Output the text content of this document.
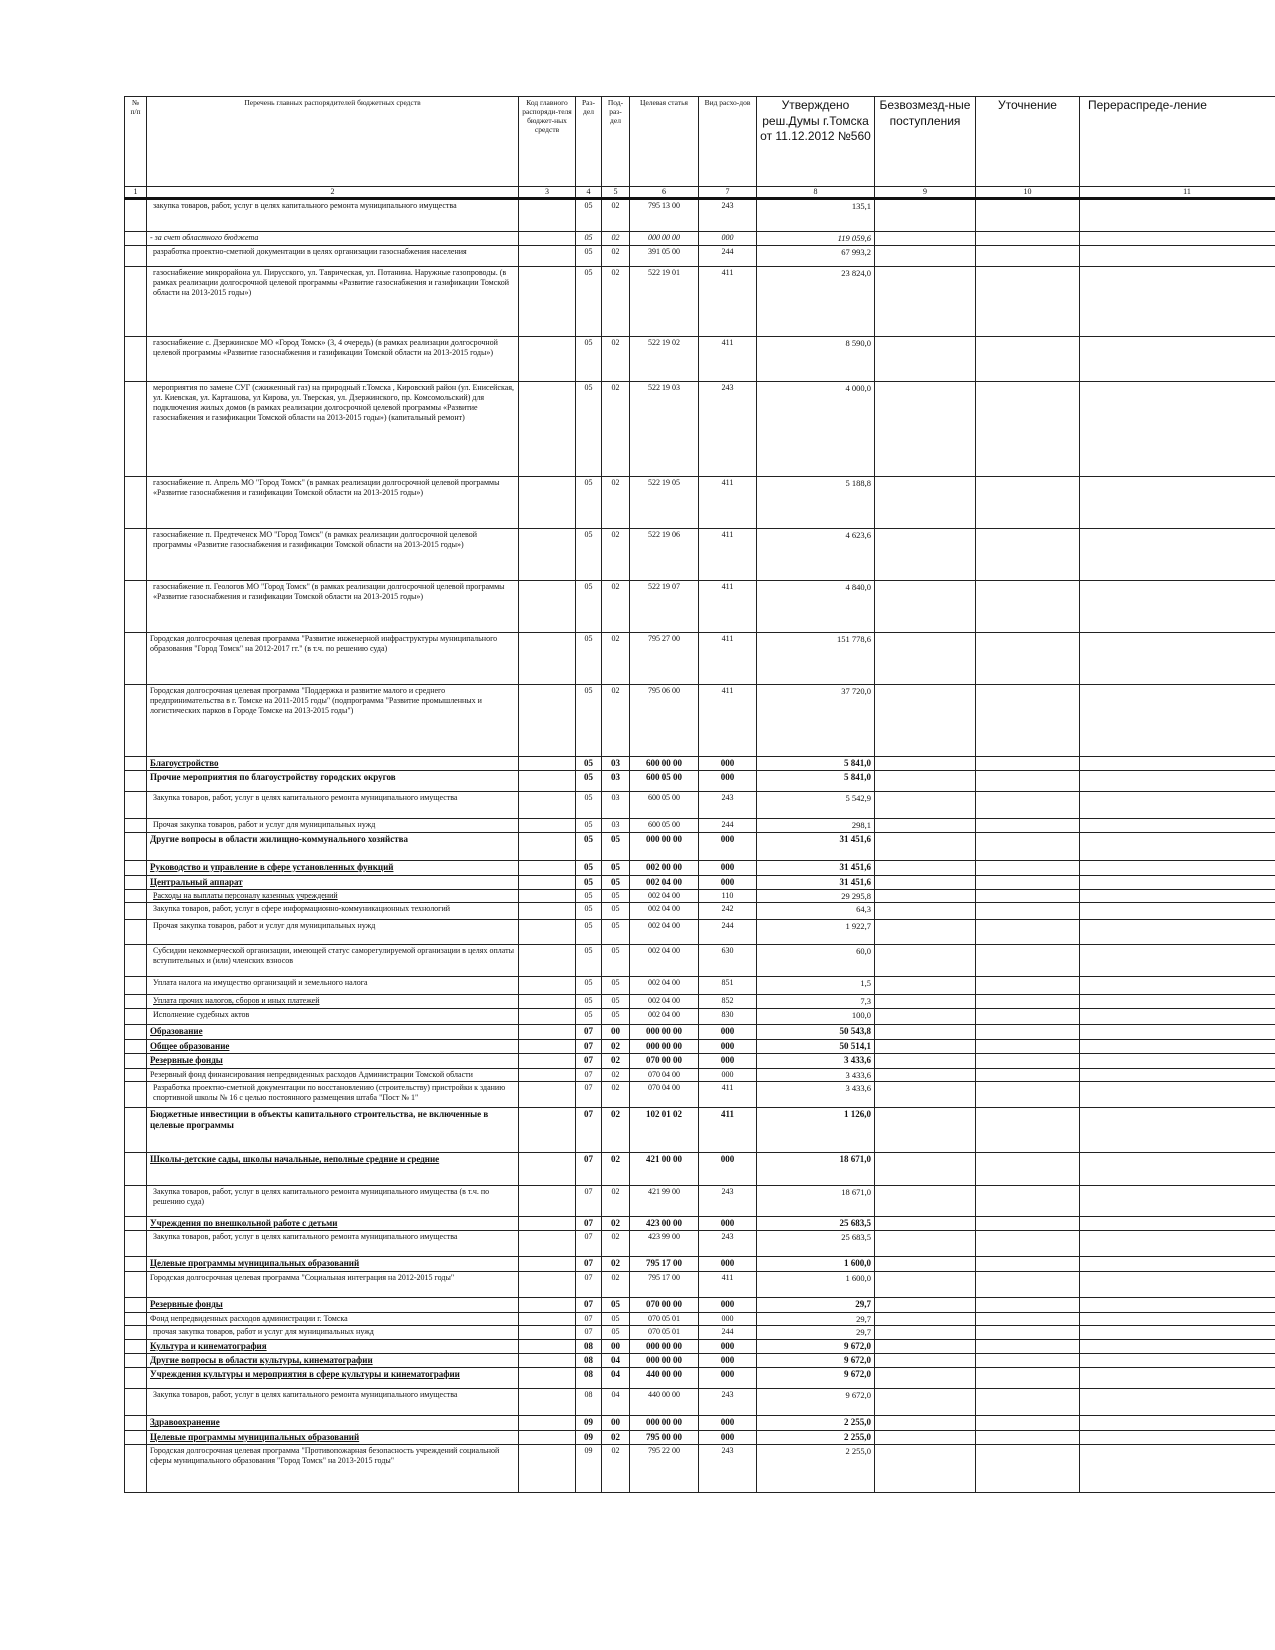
№ п/п	Перечень главных распорядителей бюджетных средств	Код главного распоряди-теля бюджет-ных средств	Раз-дел	Под-раз-дел	Целевая статья	Вид расхо-дов	Утверждено реш.Думы г.Томска от 11.12.2012 №560	Безвозмезд-ные поступления	Уточнение	Перераспреде-ление
1	2	3	4	5	6	7	8	9	10	11
	закупка товаров, работ, услуг в целях капитального ремонта муниципального имущества		05	02	795 13 00	243	135,1			
	- за счет областного бюджета		05	02	000 00 00	000	119 059,6			
	разработка проектно-сметной документации в целях организации газоснабжения населения		05	02	391 05 00	244	67 993,2			
	газоснабжение микрорайона ул. Пирусского, ул. Таврическая, ул. Потанина. Наружные газопроводы. (в рамках реализации долгосрочной целевой программы «Развитие газоснабжения и газификации Томской области на 2013-2015 годы»)		05	02	522 19 01	411	23 824,0			
	газоснабжение с. Дзержинское МО «Город Томск» (3, 4 очередь) (в рамках реализации долгосрочной целевой программы «Развитие газоснабжения и газификации Томской области на 2013-2015 годы»)		05	02	522 19 02	411	8 590,0			
	мероприятия по замене СУГ (сжиженный газ) на природный г.Томска , Кировский район (ул. Енисейская, ул. Киевская, ул. Карташова, ул Кирова, ул. Тверская, ул. Дзержинского, пр. Комсомольский) для подключения жилых домов (в рамках реализации долгосрочной целевой программы «Развитие газоснабжения и газификации Томской области на 2013-2015 годы») (капитальный ремонт)		05	02	522 19 03	243	4 000,0			
	газоснабжение п. Апрель МО "Город Томск" (в рамках реализации долгосрочной целевой программы «Развитие газоснабжения и газификации Томской области на 2013-2015 годы»)		05	02	522 19 05	411	5 188,8			
	газоснабжение п. Предтеченск МО "Город Томск" (в рамках реализации долгосрочной целевой программы «Развитие газоснабжения и газификации Томской области на 2013-2015 годы»)		05	02	522 19 06	411	4 623,6			
	газоснабжение п. Геологов МО "Город Томск" (в рамках реализации долгосрочной целевой программы «Развитие газоснабжения и газификации Томской области на 2013-2015 годы»)		05	02	522 19 07	411	4 840,0			
	Городская долгосрочная целевая программа "Развитие инженерной инфраструктуры муниципального образования "Город Томск" на 2012-2017 гг." (в т.ч. по решению суда)		05	02	795 27 00	411	151 778,6			
	Городская долгосрочная целевая программа "Поддержка и развитие малого и среднего предпринимательства в г. Томске на 2011-2015 годы" (подпрограмма "Развитие промышленных и логистических парков в Городе Томске на 2013-2015 годы")		05	02	795 06 00	411	37 720,0			
	Благоустройство		05	03	600 00 00	000	5 841,0			
	Прочие мероприятия по благоустройству городских округов		05	03	600 05 00	000	5 841,0			
	Закупка товаров, работ, услуг в целях капитального ремонта муниципального имущества		05	03	600 05 00	243	5 542,9			
	Прочая закупка товаров, работ и услуг для муниципальных нужд		05	03	600 05 00	244	298,1			
	Другие вопросы в области жилищно-коммунального хозяйства		05	05	000 00 00	000	31 451,6			
	Руководство и управление в сфере установленных функций		05	05	002 00 00	000	31 451,6			
	Центральный аппарат		05	05	002 04 00	000	31 451,6			
	Расходы на выплаты персоналу казенных учреждений		05	05	002 04 00	110	29 295,8			
	Закупка товаров, работ, услуг в сфере информационно-коммуникационных технологий		05	05	002 04 00	242	64,3			
	Прочая закупка товаров, работ и услуг для муниципальных нужд		05	05	002 04 00	244	1 922,7			
	Субсидии некоммерческой организации, имеющей статус саморегулируемой организации в целях оплаты вступительных и (или) членских взносов		05	05	002 04 00	630	60,0			
	Уплата налога на имущество организаций и земельного налога		05	05	002 04 00	851	1,5			
	Уплата прочих налогов, сборов и иных платежей		05	05	002 04 00	852	7,3			
	Исполнение судебных актов		05	05	002 04 00	830	100,0			
	Образование		07	00	000 00 00	000	50 543,8			
	Общее образование		07	02	000 00 00	000	50 514,1			
	Резервные фонды		07	02	070 00 00	000	3 433,6			
	Резервный фонд финансирования непредвиденных расходов Администрации Томской области		07	02	070 04 00	000	3 433,6			
	Разработка проектно-сметной документации по восстановлению (строительству) пристройки к зданию спортивной школы № 16 с целью постоянного размещения штаба "Пост № 1"		07	02	070 04 00	411	3 433,6			
	Бюджетные инвестиции в объекты капитального строительства, не включенные в целевые программы		07	02	102 01 02	411	1 126,0			
	Школы-детские сады, школы начальные, неполные средние и средние		07	02	421 00 00	000	18 671,0			
	Закупка товаров, работ, услуг в целях капитального ремонта муниципального имущества (в т.ч. по решению суда)		07	02	421 99 00	243	18 671,0			
	Учреждения по внешкольной работе с детьми		07	02	423 00 00	000	25 683,5			
	Закупка товаров, работ, услуг в целях капитального ремонта муниципального имущества		07	02	423 99 00	243	25 683,5			
	Целевые программы муниципальных образований		07	02	795 17 00	000	1 600,0			
	Городская долгосрочная целевая программа "Социальная интеграция на 2012-2015 годы"		07	02	795 17 00	411	1 600,0			
	Резервные фонды		07	05	070 00 00	000	29,7			
	Фонд непредвиденных расходов администрации г. Томска		07	05	070 05 01	000	29,7			
	прочая закупка товаров, работ и услуг для муниципальных нужд		07	05	070 05 01	244	29,7			
	Культура и кинематография		08	00	000 00 00	000	9 672,0			
	Другие вопросы в области культуры, кинематографии		08	04	000 00 00	000	9 672,0			
	Учреждения культуры и мероприятия в сфере культуры и кинематографии		08	04	440 00 00	000	9 672,0			
	Закупка товаров, работ, услуг в целях капитального ремонта муниципального имущества		08	04	440 00 00	243	9 672,0			
	Здравоохранение		09	00	000 00 00	000	2 255,0			
	Целевые программы муниципальных образований		09	02	795 00 00	000	2 255,0			
	Городская долгосрочная целевая программа "Противопожарная безопасность учреждений социальной сферы муниципального образования "Город Томск" на 2013-2015 годы"		09	02	795 22 00	243	2 255,0			
